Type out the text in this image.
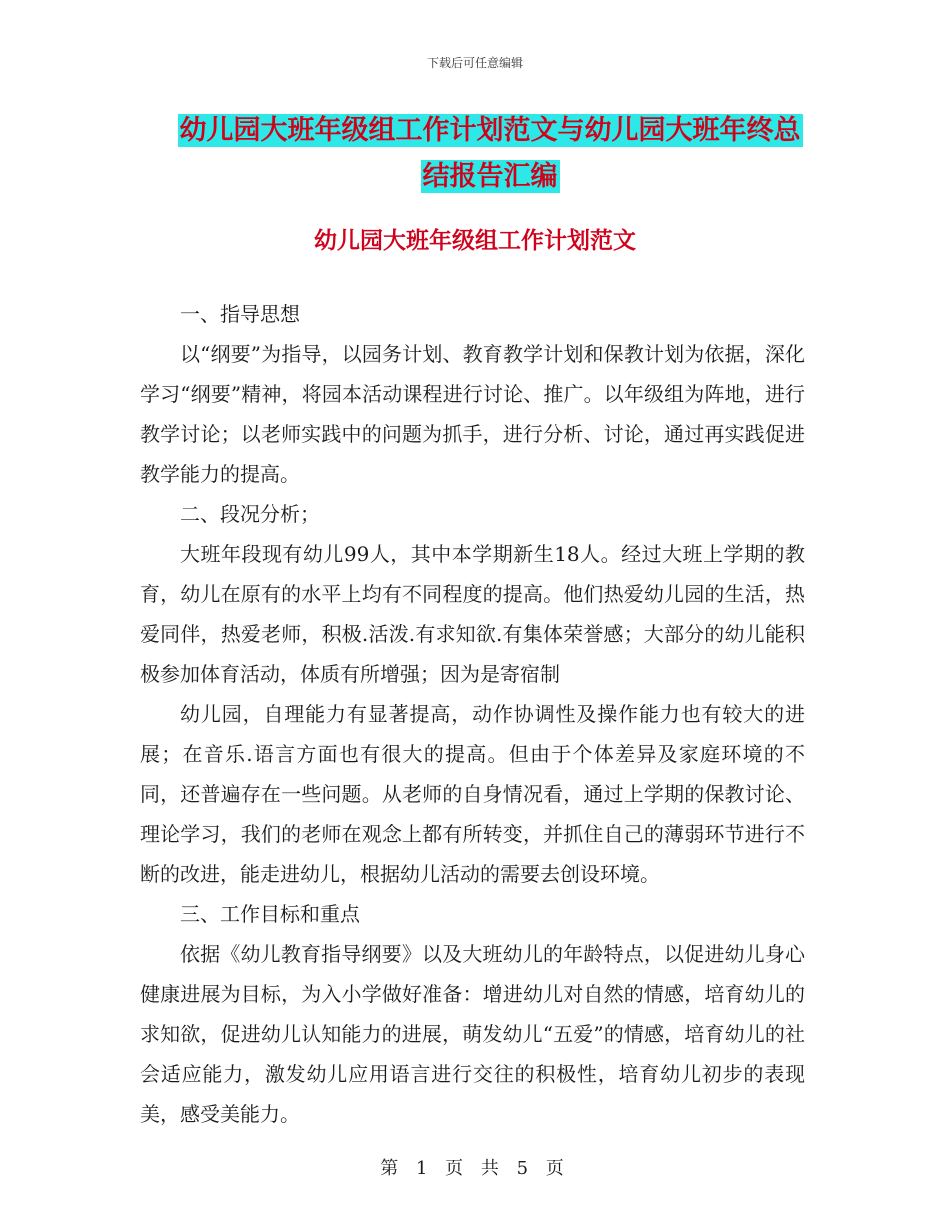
下载后可任意编辑
幼儿园大班年级组工作计划范文与幼儿园大班年终总
结报告汇编
幼儿园大班年级组工作计划范文

一、指导思想

以“纲要”为指导，以园务计划、教育教学计划和保教计划为依据，深化学习“纲要”精神，将园本活动课程进行讨论、推广。以年级组为阵地，进行教学讨论；以老师实践中的问题为抓手，进行分析、讨论，通过再实践促进教学能力的提高。

二、段况分析；

大班年段现有幼儿99人，其中本学期新生18人。经过大班上学期的教育，幼儿在原有的水平上均有不同程度的提高。他们热爱幼儿园的生活，热爱同伴，热爱老师，积极.活泼.有求知欲.有集体荣誉感；大部分的幼儿能积极参加体育活动，体质有所增强；因为是寄宿制

幼儿园，自理能力有显著提高，动作协调性及操作能力也有较大的进展；在音乐.语言方面也有很大的提高。但由于个体差异及家庭环境的不同，还普遍存在一些问题。从老师的自身情况看，通过上学期的保教讨论、理论学习，我们的老师在观念上都有所转变，并抓住自己的薄弱环节进行不断的改进，能走进幼儿，根据幼儿活动的需要去创设环境。

三、工作目标和重点

依据《幼儿教育指导纲要》以及大班幼儿的年龄特点，以促进幼儿身心健康进展为目标，为入小学做好准备：增进幼儿对自然的情感，培育幼儿的求知欲，促进幼儿认知能力的进展，萌发幼儿“五爱”的情感，培育幼儿的社会适应能力，激发幼儿应用语言进行交往的积极性，培育幼儿初步的表现美，感受美能力。

第 1 页 共 5 页
